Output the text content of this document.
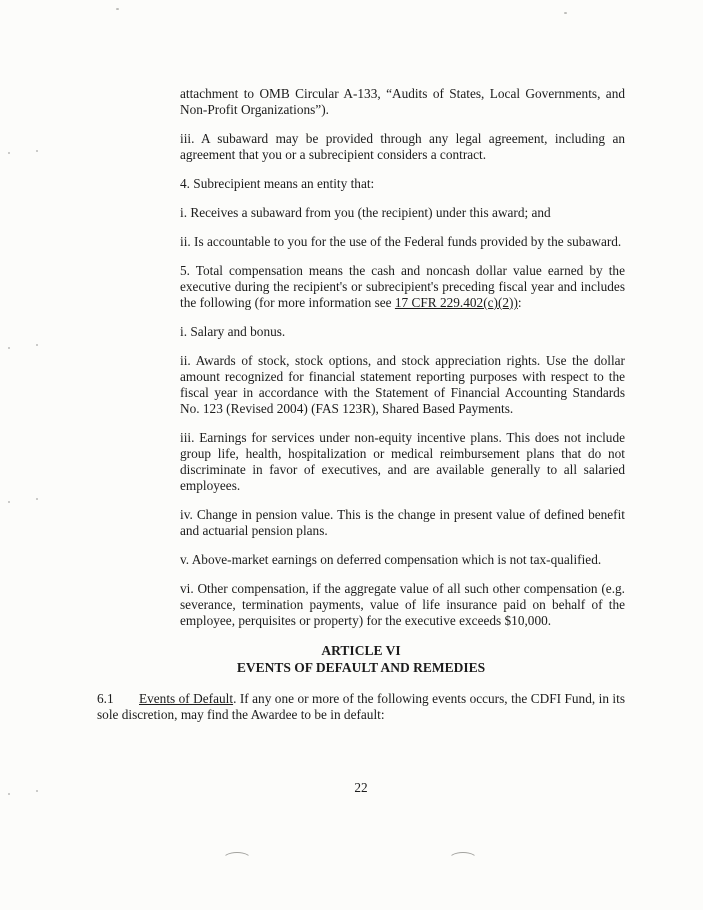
attachment to OMB Circular A-133, “Audits of States, Local Governments, and Non-Profit Organizations”).

iii. A subaward may be provided through any legal agreement, including an agreement that you or a subrecipient considers a contract.

4. Subrecipient means an entity that:

i. Receives a subaward from you (the recipient) under this award; and

ii. Is accountable to you for the use of the Federal funds provided by the subaward.

5. Total compensation means the cash and noncash dollar value earned by the executive during the recipient's or subrecipient's preceding fiscal year and includes the following (for more information see 17 CFR 229.402(c)(2)):

i. Salary and bonus.

ii. Awards of stock, stock options, and stock appreciation rights. Use the dollar amount recognized for financial statement reporting purposes with respect to the fiscal year in accordance with the Statement of Financial Accounting Standards No. 123 (Revised 2004) (FAS 123R), Shared Based Payments.

iii. Earnings for services under non-equity incentive plans. This does not include group life, health, hospitalization or medical reimbursement plans that do not discriminate in favor of executives, and are available generally to all salaried employees.

iv. Change in pension value. This is the change in present value of defined benefit and actuarial pension plans.

v. Above-market earnings on deferred compensation which is not tax-qualified.

vi. Other compensation, if the aggregate value of all such other compensation (e.g. severance, termination payments, value of life insurance paid on behalf of the employee, perquisites or property) for the executive exceeds $10,000.

ARTICLE VI
EVENTS OF DEFAULT AND REMEDIES

6.1 Events of Default. If any one or more of the following events occurs, the CDFI Fund, in its sole discretion, may find the Awardee to be in default:

22
